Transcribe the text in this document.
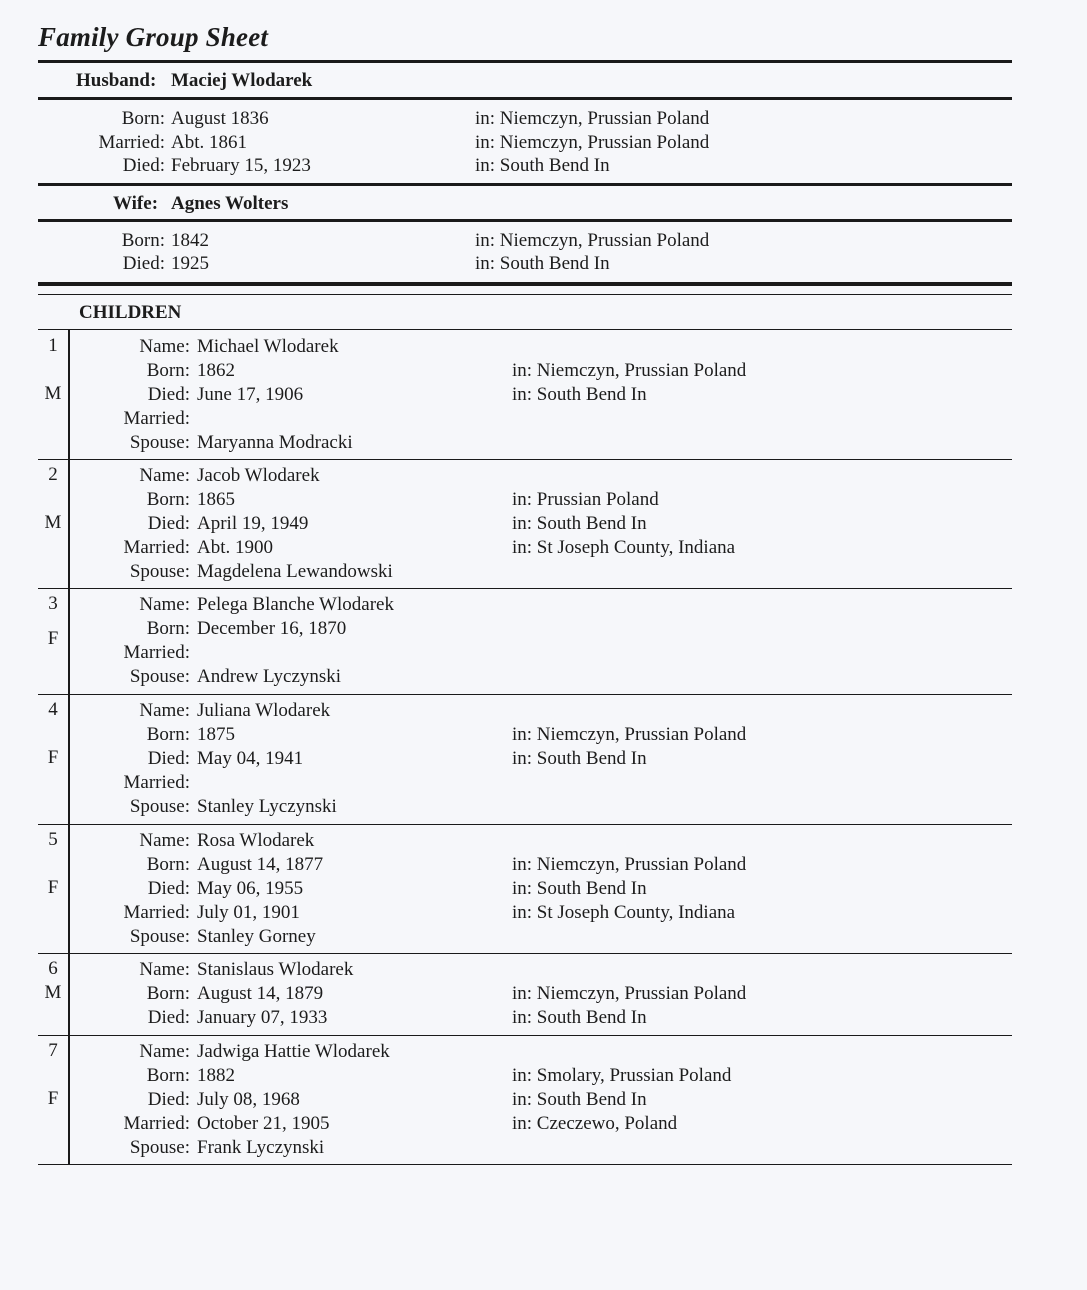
Family Group Sheet
Husband: Maciej Wlodarek
Born: August 1836	in: Niemczyn, Prussian Poland
Married: Abt. 1861	in: Niemczyn, Prussian Poland
Died: February 15, 1923	in: South Bend In
Wife: Agnes Wolters
Born: 1842	in: Niemczyn, Prussian Poland
Died: 1925	in: South Bend In
CHILDREN
1
M
Name: Michael Wlodarek
Born: 1862	in: Niemczyn, Prussian Poland
Died: June 17, 1906	in: South Bend In
Married:
Spouse: Maryanna Modracki
2
M
Name: Jacob Wlodarek
Born: 1865	in: Prussian Poland
Died: April 19, 1949	in: South Bend In
Married: Abt. 1900	in: St Joseph County, Indiana
Spouse: Magdelena Lewandowski
3
F
Name: Pelega Blanche Wlodarek
Born: December 16, 1870
Married:
Spouse: Andrew Lyczynski
4
F
Name: Juliana Wlodarek
Born: 1875	in: Niemczyn, Prussian Poland
Died: May 04, 1941	in: South Bend In
Married:
Spouse: Stanley Lyczynski
5
F
Name: Rosa Wlodarek
Born: August 14, 1877	in: Niemczyn, Prussian Poland
Died: May 06, 1955	in: South Bend In
Married: July 01, 1901	in: St Joseph County, Indiana
Spouse: Stanley Gorney
6
M
Name: Stanislaus Wlodarek
Born: August 14, 1879	in: Niemczyn, Prussian Poland
Died: January 07, 1933	in: South Bend In
7
F
Name: Jadwiga Hattie Wlodarek
Born: 1882	in: Smolary, Prussian Poland
Died: July 08, 1968	in: South Bend In
Married: October 21, 1905	in: Czeczewo, Poland
Spouse: Frank Lyczynski
